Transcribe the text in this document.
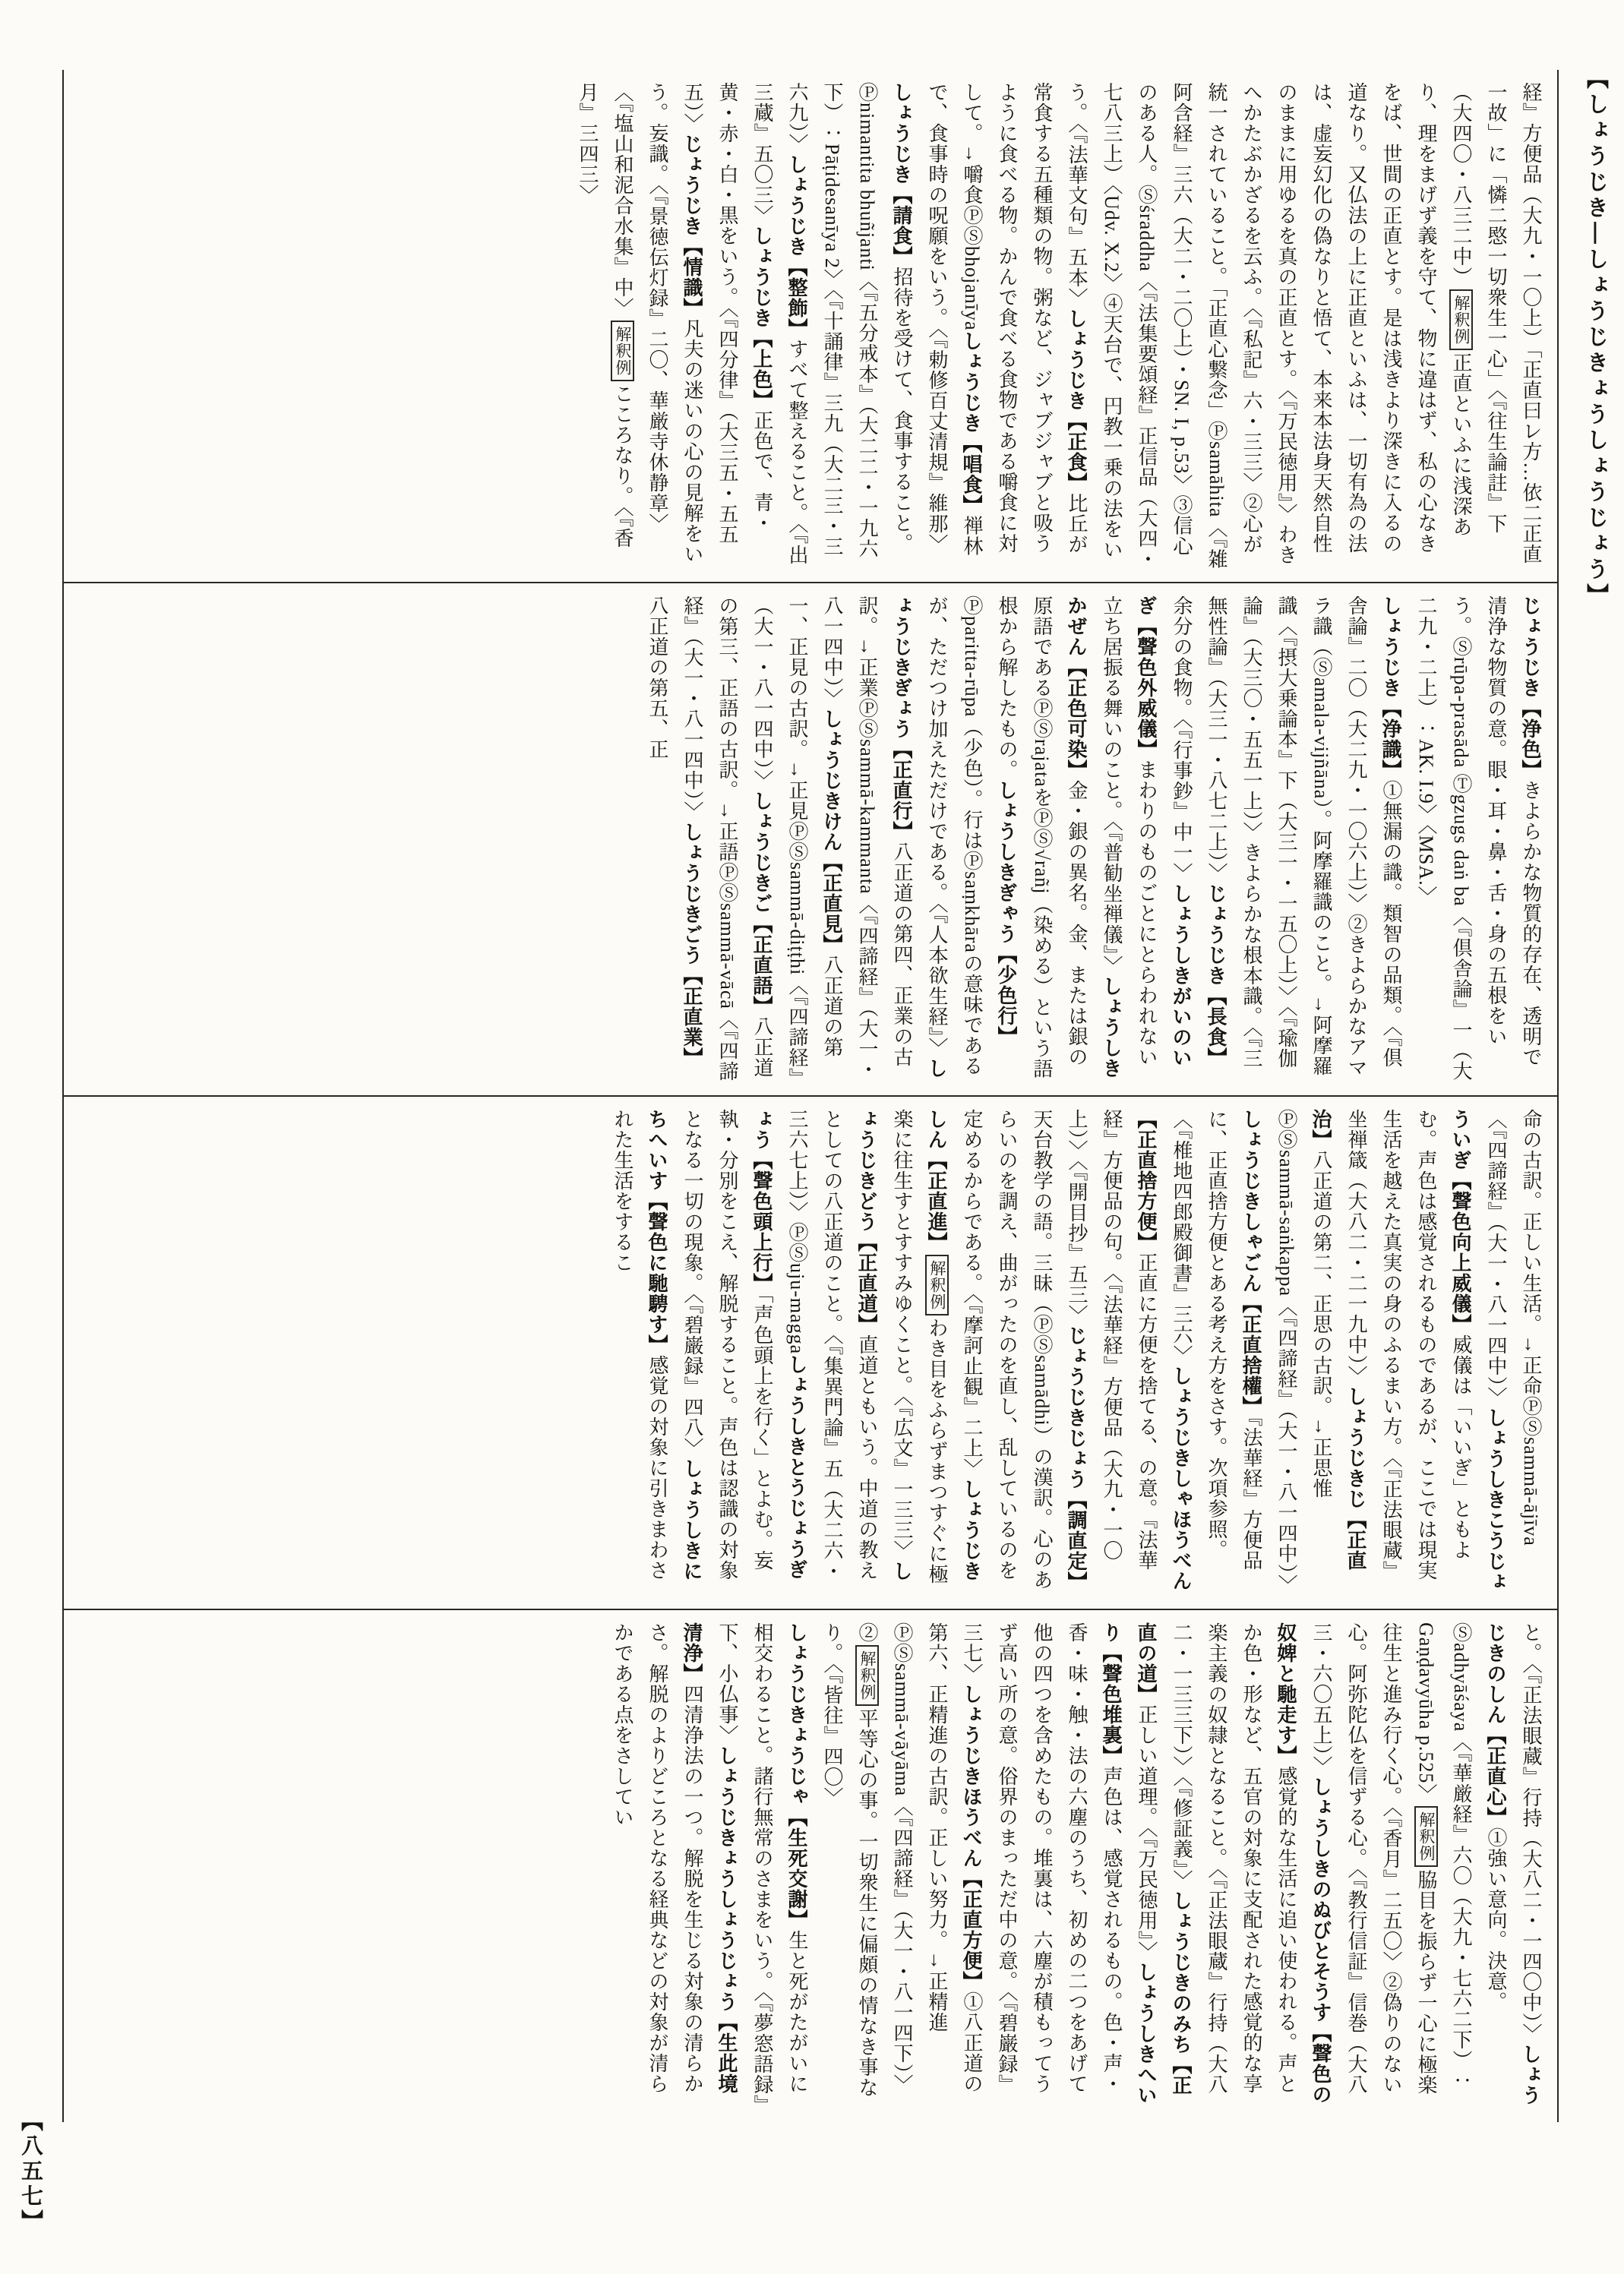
【しょうじき―しょうじきょうしょうじょう】
経』方便品（大九・一〇上）「正直曰レ方…依二正直一故」に「憐二愍一切衆生一心」〈『往生論註』下（大四〇・八三二中）解釈例正直といふに浅深あり、理をまげず義を守て、物に違はず、私の心なきをば、世間の正直とす。是は浅きより深きに入るの道なり。又仏法の上に正直といふは、一切有為の法は、虚妄幻化の偽なりと悟て、本来本法身天然自性のままに用ゆるを真の正直とす。〈『万民徳用』〉わきへかたぶかざるを云ふ。〈『私記』六・三三〉②心が統一されていること。「正直心繋念」Ⓟsamāhita〈『雑阿含経』三六（大二・二〇上）・SN. I, p.53〉③信心のある人。Ⓢśraddha〈『法集要頌経』正信品（大四・七八三上）〈Udv. X.2〉④天台で、円教一乗の法をいう。〈『法華文句』五本〉しょうじき【正食】比丘が常食する五種類の物。粥など、ジャブジャブと吸うように食べる物。かんで食べる食物である嚼食に対して。→嚼食ⓅⓈbhojanīyaしょうじき【唱食】禅林で、食事時の呪願をいう。〈『勅修百丈清規』維那〉しょうじき【請食】招待を受けて、食事すること。Ⓟnimantita bhuñjanti〈『五分戒本』（大二二・一九六下）：Pāṭidesanīya 2〉〈『十誦律』三九（大二三・三六九）〉しょうじき【整飾】すべて整えること。〈『出三蔵』五〇三〉しょうじき【上色】正色で、青・黄・赤・白・黒をいう。〈『四分律』（大三五・五五五）〉じょうじき【情識】凡夫の迷いの心の見解をいう。妄識。〈『景徳伝灯録』二〇、華厳寺休静章〉〈『塩山和泥合水集』中〉解釈例こころなり。〈『香月』三四三〉
じょうじき【浄色】きよらかな物質的存在、透明で清浄な物質の意。眼・耳・鼻・舌・身の五根をいう。Ⓢrūpa-prasāda Ⓣgzugs daṅ ba〈『倶舎論』一（大二九・二上）：AK. I.9〉〈MSA.〉しょうじき【浄識】①無漏の識。類智の品類。〈『倶舎論』二〇（大二九・一〇六上）〉②きよらかなアマラ識（Ⓢamala-vijñāna）。阿摩羅識のこと。→阿摩羅識〈『摂大乗論本』下（大三一・一五〇上）〉〈『瑜伽論』（大三〇・五五一上）〉きよらかな根本識。〈『三無性論』（大三一・八七二上）〉じょうじき【長食】余分の食物。〈『行事鈔』中一〉しょうしきがいのいぎ【聲色外威儀】まわりのものごとにとらわれない立ち居振る舞いのこと。〈『普勧坐禅儀』〉しょうしきかぜん【正色可染】金・銀の異名。金、または銀の原語であるⓅⓈrajataをⓅⓈ√rañj（染める）という語根から解したもの。しょうしきぎゃう【少色行】Ⓟparitta-rūpa（少色）。行はⓅsaṃkhāraの意味であるが、ただつけ加えただけである。〈『人本欲生経』〉しょうじきぎょう【正直行】八正道の第四、正業の古訳。→正業ⓅⓈsammā-kammanta〈『四諦経』（大一・八一四中）〉しょうじきけん【正直見】八正道の第一、正見の古訳。→正見ⓅⓈsammā-diṭṭhi〈『四諦経』（大一・八一四中）〉しょうじきご【正直語】八正道の第三、正語の古訳。→正語ⓅⓈsammā-vācā〈『四諦経』（大一・八一四中）〉しょうじきごう【正直業】八正道の第五、正
命の古訳。正しい生活。→正命ⓅⓈsammā-ājīva〈『四諦経』（大一・八一四中）〉しょうしきこうじょういぎ【聲色向上威儀】威儀は「いいぎ」ともよむ。声色は感覚されるものであるが、ここでは現実生活を越えた真実の身のふるまい方。〈『正法眼蔵』坐禅箴（大八二・二一九中）〉しょうじきじ【正直治】八正道の第二、正思の古訳。→正思惟ⓅⓈsammā-saṅkappa〈『四諦経』（大一・八一四中）〉しょうじきしゃごん【正直捨權】『法華経』方便品に、正直捨方便とある考え方をさす。次項参照。〈『椎地四郎殿御書』三六〉しょうじきしゃほうべん【正直捨方便】正直に方便を捨てる、の意。『法華経』方便品の句。〈『法華経』方便品（大九・一〇上）〉〈『開目抄』五三〉じょうじきじょう【調直定】天台教学の語。三昧（ⓅⓈsamādhi）の漢訳。心のあらいのを調え、曲がったのを直し、乱しているのを定めるからである。〈『摩訶止観』二上〉しょうじきしん【正直進】解釈例わき目をふらずまつすぐに極楽に往生すとすすみゆくこと。〈『広文』一三三〉しょうじきどう【正直道】直道ともいう。中道の教えとしての八正道のこと。〈『集異門論』五（大二六・三六七上）〉ⓅⓈuju-maggaしょうしきとうじょうぎょう【聲色頭上行】「声色頭上を行く」とよむ。妄執・分別をこえ、解脱すること。声色は認識の対象となる一切の現象。〈『碧巌録』四八〉しょうしきにちへいす【聲色に馳騁す】感覚の対象に引きまわされた生活をするこ
と。〈『正法眼蔵』行持（大八二・一四〇中）〉しょうじきのしん【正直心】①強い意向。決意。Ⓢadhyāśaya〈『華厳経』六〇（大九・七六二下）：Gaṇḍavyūha p.525〉解釈例脇目を振らず一心に極楽往生と進み行く心。〈『香月』二五〇〉②偽りのない心。阿弥陀仏を信ずる心。〈『教行信証』信巻（大八三・六〇五上）〉しょうしきのぬびとそうす【聲色の奴婢と馳走す】感覚的な生活に追い使われる。声とか色・形など、五官の対象に支配された感覚的な享楽主義の奴隷となること。〈『正法眼蔵』行持（大八二・一三三下）〉〈『修証義』〉しょうじきのみち【正直の道】正しい道理。〈『万民徳用』〉しょうしきへいり【聲色堆裏】声色は、感覚されるもの。色・声・香・味・触・法の六塵のうち、初めの二つをあげて他の四つを含めたもの。堆裏は、六塵が積もってうず高い所の意。俗界のまっただ中の意。〈『碧巌録』三七〉しょうじきほうべん【正直方便】①八正道の第六、正精進の古訳。正しい努力。→正精進ⓅⓈsammā-vāyāma〈『四諦経』（大一・八一四下）〉②解釈例平等心の事。一切衆生に偏頗の情なき事なり。〈『皆往』四〇〉しょうじきょうじゃ【生死交謝】生と死がたがいに相交わること。諸行無常のさまをいう。〈『夢窓語録』下、小仏事〉しょうじきょうしょうじょう【生此境清浄】四清浄法の一つ。解脱を生じる対象の清らかさ。解脱のよりどころとなる経典などの対象が清らかである点をさしてい
【八五七】
